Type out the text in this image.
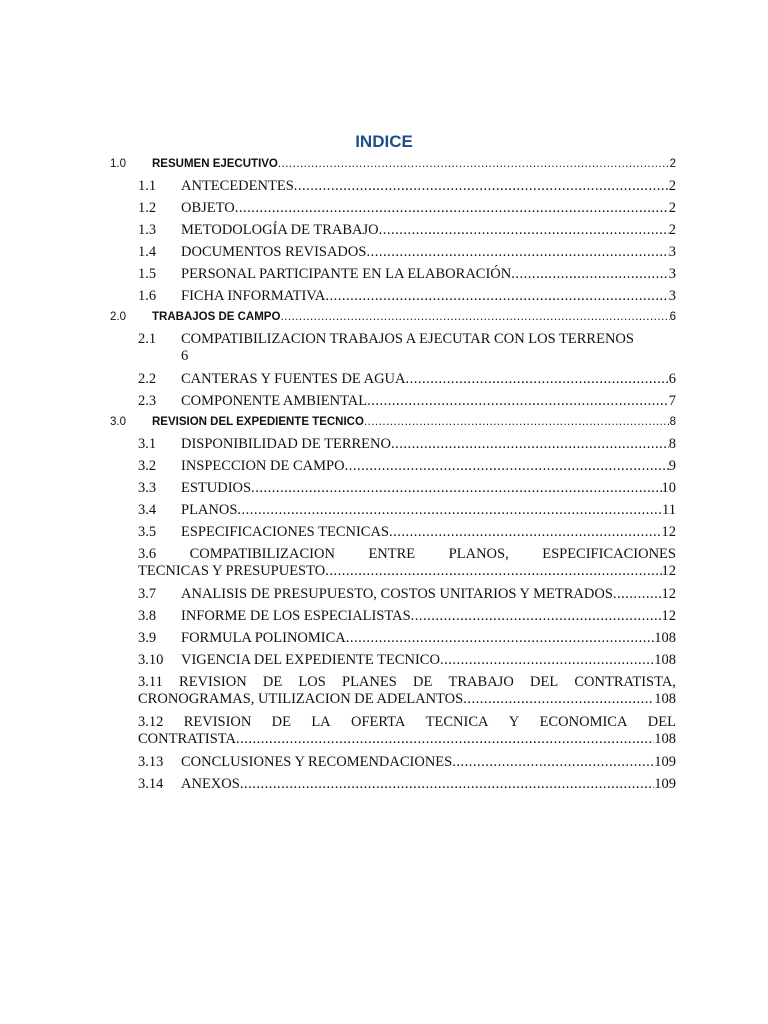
INDICE
1.0 RESUMEN EJECUTIVO .....	2
1.1 ANTECEDENTES .....	2
1.2 OBJETO .....	2
1.3 METODOLOGÍA DE TRABAJO .....	2
1.4 DOCUMENTOS REVISADOS .....	3
1.5 PERSONAL PARTICIPANTE EN LA ELABORACIÓN .....	3
1.6 FICHA INFORMATIVA .....	3
2.0 TRABAJOS DE CAMPO .....	6
2.1 COMPATIBILIZACION TRABAJOS A EJECUTAR CON LOS TERRENOS
6
2.2 CANTERAS Y FUENTES DE AGUA .....	6
2.3 COMPONENTE AMBIENTAL .....	7
3.0 REVISION DEL EXPEDIENTE TECNICO .....	8
3.1 DISPONIBILIDAD DE TERRENO .....	8
3.2 INSPECCION DE CAMPO .....	9
3.3 ESTUDIOS .....	10
3.4 PLANOS .....	11
3.5 ESPECIFICACIONES TECNICAS .....	12
3.6 COMPATIBILIZACION ENTRE PLANOS, ESPECIFICACIONES
TECNICAS Y PRESUPUESTO .....	12
3.7 ANALISIS DE PRESUPUESTO, COSTOS UNITARIOS Y METRADOS .....	12
3.8 INFORME DE LOS ESPECIALISTAS .....	12
3.9 FORMULA POLINOMICA .....	108
3.10 VIGENCIA DEL EXPEDIENTE TECNICO .....	108
3.11 REVISION DE LOS PLANES DE TRABAJO DEL CONTRATISTA,
CRONOGRAMAS, UTILIZACION DE ADELANTOS .....	108
3.12 REVISION DE LA OFERTA TECNICA Y ECONOMICA DEL
CONTRATISTA .....	108
3.13 CONCLUSIONES Y RECOMENDACIONES .....	109
3.14 ANEXOS .....	109
